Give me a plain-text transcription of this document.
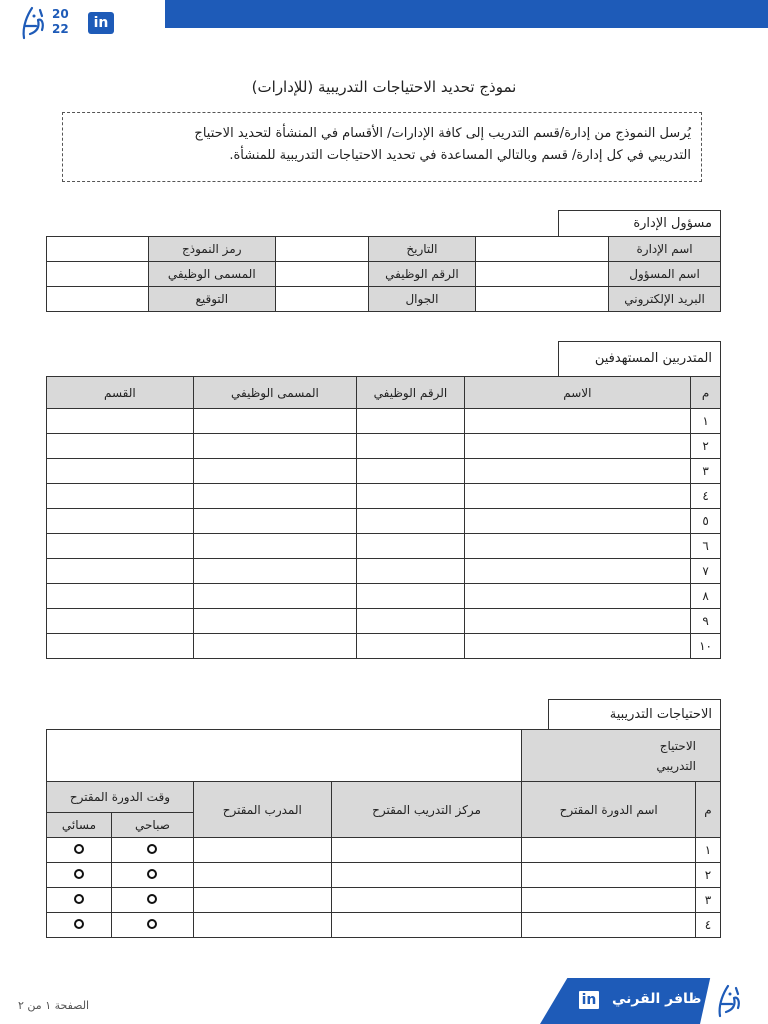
20
22	in
نموذج تحديد الاحتياجات التدريبية (للإدارات)
يُرسل النموذج من إدارة/قسم التدريب إلى كافة الإدارات/ الأقسام في المنشأة لتحديد الاحتياج
التدريبي في كل إدارة/ قسم وبالتالي المساعدة في تحديد الاحتياجات التدريبية للمنشأة.
مسؤول الإدارة
اسم الإدارة		التاريخ		رمز النموذج	
اسم المسؤول		الرقم الوظيفي		المسمى الوظيفي	
البريد الإلكتروني		الجوال		التوقيع	
المتدربين المستهدفين
م	الاسم	الرقم الوظيفي	المسمى الوظيفي	القسم
١				
٢				
٣				
٤				
٥				
٦				
٧				
٨				
٩				
١٠				
الاحتياجات التدريبية
الاحتياج
التدريبي					

م	اسم الدورة المقترح	مركز التدريب المقترح	المدرب المقترح	وقت الدورة المقترح	
				صباحي	مسائي
١					
٢					
٣					
٤					
الصفحة ١ من ٢	د. ظافر القرني
in
